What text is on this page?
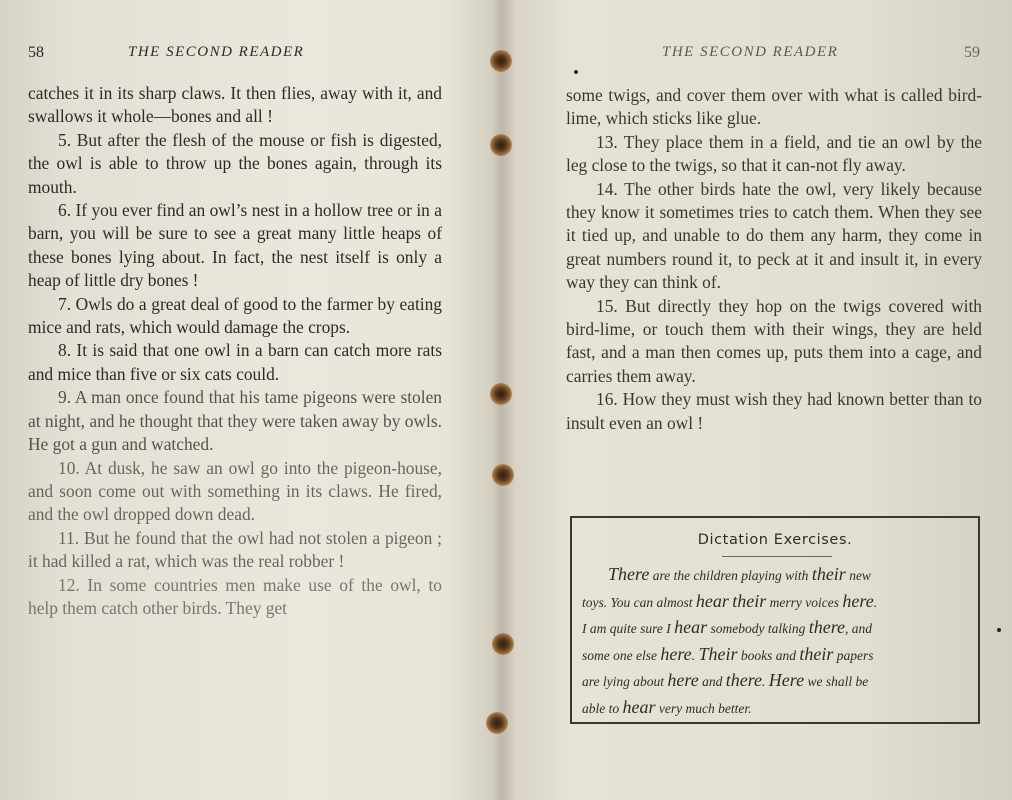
58	THE SECOND READER

catches it in its sharp claws. It then flies, away with it, and swallows it whole—bones and all !

5. But after the flesh of the mouse or fish is digested, the owl is able to throw up the bones again, through its mouth.

6. If you ever find an owl’s nest in a hollow tree or in a barn, you will be sure to see a great many little heaps of these bones lying about. In fact, the nest itself is only a heap of little dry bones !

7. Owls do a great deal of good to the farmer by eating mice and rats, which would damage the crops.

8. It is said that one owl in a barn can catch more rats and mice than five or six cats could.

9. A man once found that his tame pigeons were stolen at night, and he thought that they were taken away by owls. He got a gun and watched.

10. At dusk, he saw an owl go into the pigeon-house, and soon come out with something in its claws. He fired, and the owl dropped down dead.

11. But he found that the owl had not stolen a pigeon ; it had killed a rat, which was the real robber !

12. In some countries men make use of the owl, to help them catch other birds. They get

THE SECOND READER	59

some twigs, and cover them over with what is called bird-lime, which sticks like glue.

13. They place them in a field, and tie an owl by the leg close to the twigs, so that it can-not fly away.

14. The other birds hate the owl, very likely because they know it sometimes tries to catch them. When they see it tied up, and unable to do them any harm, they come in great numbers round it, to peck at it and insult it, in every way they can think of.

15. But directly they hop on the twigs covered with bird-lime, or touch them with their wings, they are held fast, and a man then comes up, puts them into a cage, and carries them away.

16. How they must wish they had known better than to insult even an owl !

Dictation Exercises.
There are the children playing with their new
toys. You can almost hear their merry voices here.
I am quite sure I hear somebody talking there, and
some one else here. Their books and their papers
are lying about here and there. Here we shall be
able to hear very much better.
